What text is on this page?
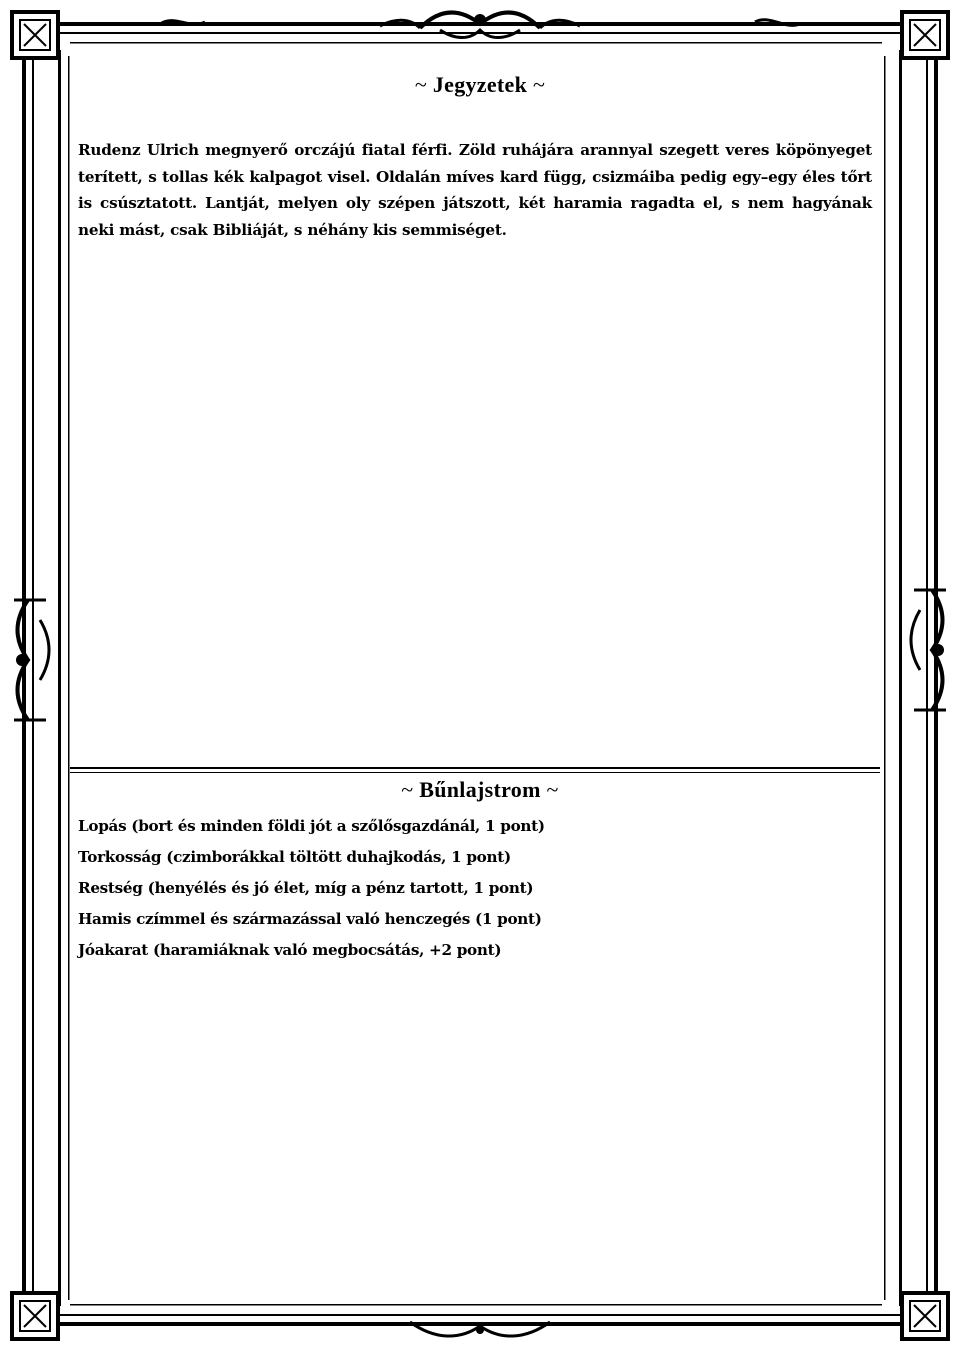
~ Jegyzetek ~
Rudenz Ulrich megnyerő orczájú fiatal férfi. Zöld ruhájára arannyal szegett veres köpönyeget terített, s tollas kék kalpagot visel. Oldalán míves kard függ, csizmáiba pedig egy–egy éles tőrt is csúsztatott. Lantját, melyen oly szépen játszott, két haramia ragadta el, s nem hagyának neki mást, csak Bibliáját, s néhány kis semmiséget.
~ Bűnlajstrom ~
Lopás (bort és minden földi jót a szőlősgazdánál, 1 pont)
Torkosság (czimborákkal töltött duhajkodás, 1 pont)
Restség (henyélés és jó élet, míg a pénz tartott, 1 pont)
Hamis czímmel és származással való henczegés (1 pont)
Jóakarat (haramiáknak való megbocsátás, +2 pont)
